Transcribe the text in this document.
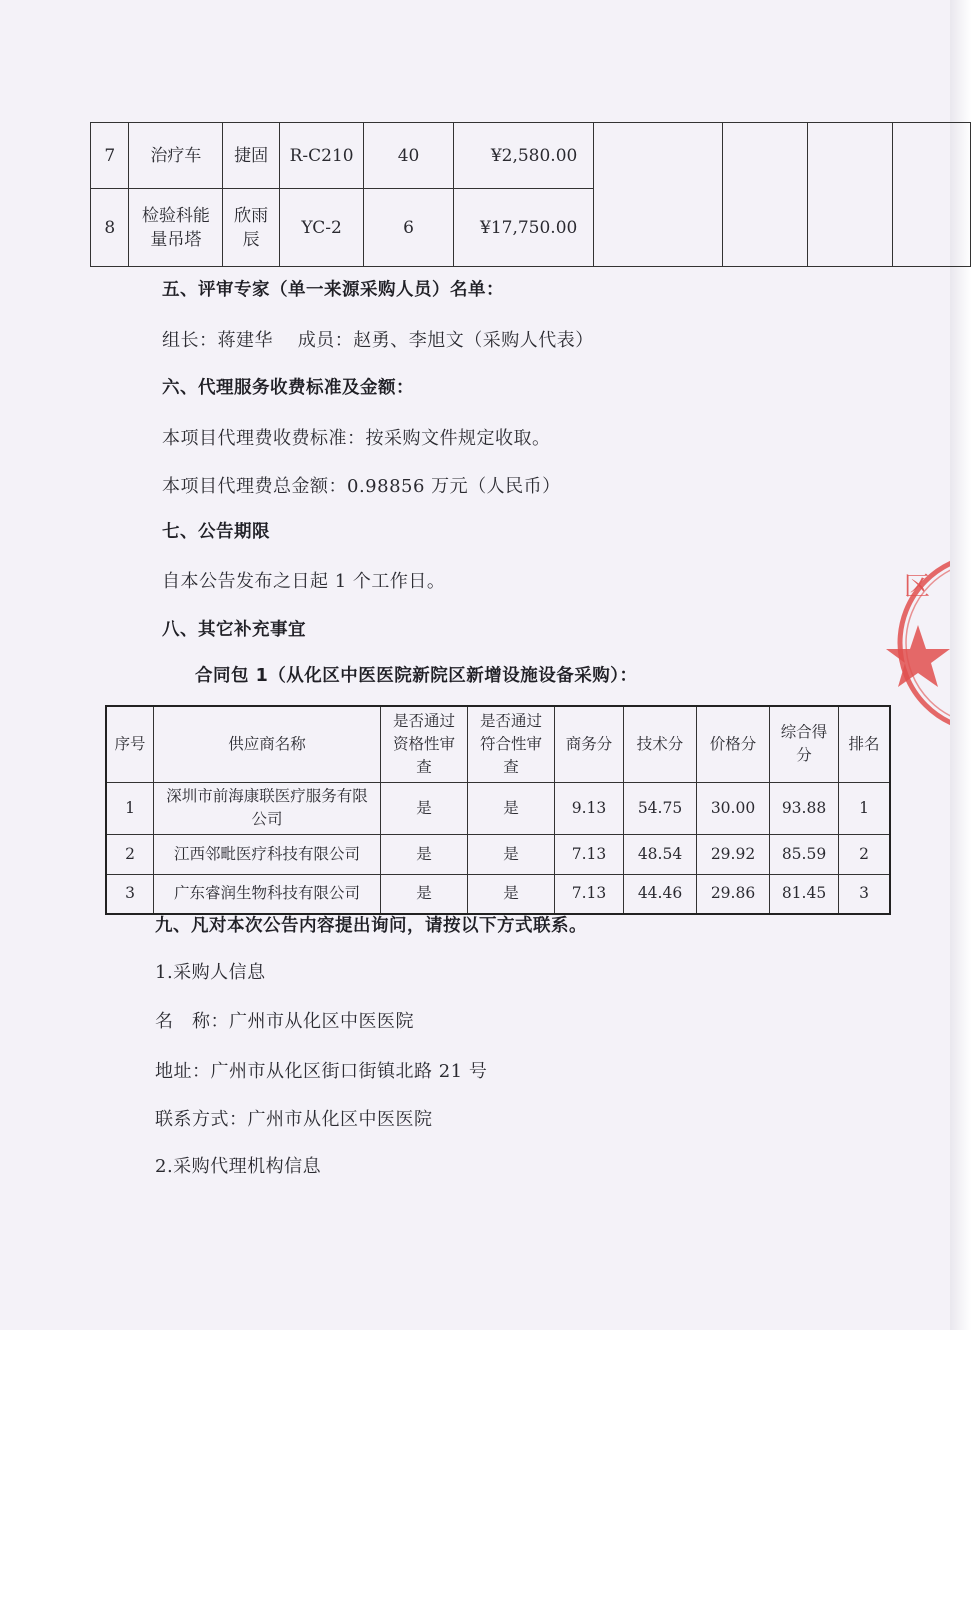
7	治疗车	捷固	R-C210	40	¥2,580.00				
8	检验科能量吊塔	欣雨辰	YC-2	6	¥17,750.00				
五、评审专家（单一来源采购人员）名单：
组长：蒋建华　 成员：赵勇、李旭文（采购人代表）
六、代理服务收费标准及金额：
本项目代理费收费标准：按采购文件规定收取。
本项目代理费总金额：0.98856 万元（人民币）
七、公告期限
自本公告发布之日起 1 个工作日。
八、其它补充事宜
合同包 1（从化区中医医院新院区新增设施设备采购）：
序号	供应商名称	是否通过资格性审查	是否通过符合性审查	商务分	技术分	价格分	综合得分	排名
1	深圳市前海康联医疗服务有限公司	是	是	9.13	54.75	30.00	93.88	1
2	江西邻毗医疗科技有限公司	是	是	7.13	48.54	29.92	85.59	2
3	广东睿润生物科技有限公司	是	是	7.13	44.46	29.86	81.45	3
九、凡对本次公告内容提出询问，请按以下方式联系。
1.采购人信息
名　称：广州市从化区中医医院
地址：广州市从化区街口街镇北路 21 号
联系方式：广州市从化区中医医院
2.采购代理机构信息
区
